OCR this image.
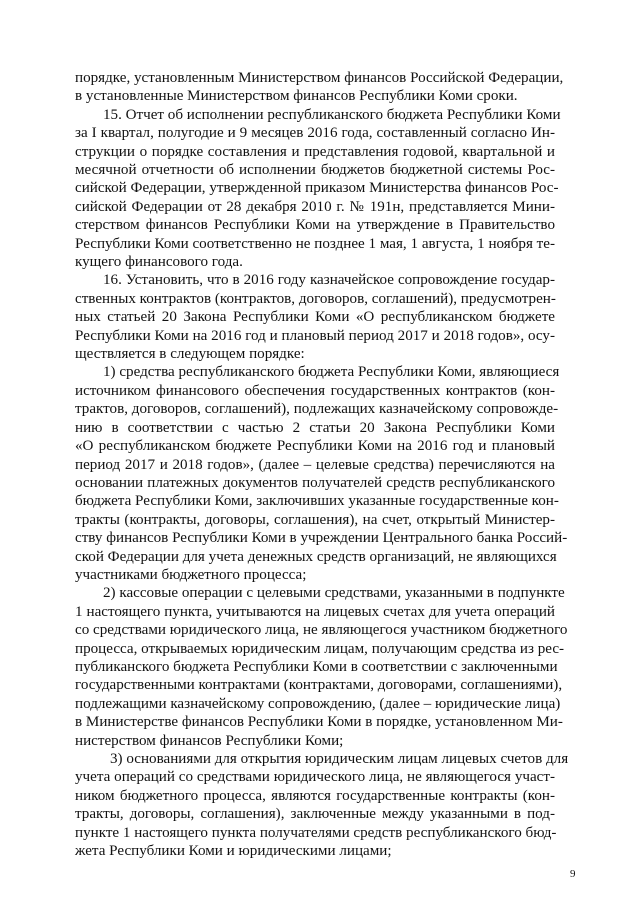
порядке, установленным Министерством финансов Российской Федерации,
в установленные Министерством финансов Республики Коми сроки.
15. Отчет об исполнении республиканского бюджета Республики Коми
за I квартал, полугодие и 9 месяцев 2016 года, составленный согласно Ин-
струкции о порядке составления и представления годовой, квартальной и
месячной отчетности об исполнении бюджетов бюджетной системы Рос-
сийской Федерации, утвержденной приказом Министерства финансов Рос-
сийской Федерации от 28 декабря 2010 г. № 191н, представляется Мини-
стерством финансов Республики Коми на утверждение в Правительство
Республики Коми соответственно не позднее 1 мая, 1 августа, 1 ноября те-
кущего финансового года.
16. Установить, что в 2016 году казначейское сопровождение государ-
ственных контрактов (контрактов, договоров, соглашений), предусмотрен-
ных статьей 20 Закона Республики Коми «О республиканском бюджете
Республики Коми на 2016 год и плановый период 2017 и 2018 годов», осу-
ществляется в следующем порядке:
1) средства республиканского бюджета Республики Коми, являющиеся
источником финансового обеспечения государственных контрактов (кон-
трактов, договоров, соглашений), подлежащих казначейскому сопровожде-
нию в соответствии с частью 2 статьи 20 Закона Республики Коми
«О республиканском бюджете Республики Коми на 2016 год и плановый
период 2017 и 2018 годов», (далее – целевые средства) перечисляются на
основании платежных документов получателей средств республиканского
бюджета Республики Коми, заключивших указанные государственные кон-
тракты (контракты, договоры, соглашения), на счет, открытый Министер-
ству финансов Республики Коми в учреждении Центрального банка Россий-
ской Федерации для учета денежных средств организаций, не являющихся
участниками бюджетного процесса;
2) кассовые операции с целевыми средствами, указанными в подпункте
1 настоящего пункта, учитываются на лицевых счетах для учета операций
со средствами юридического лица, не являющегося участником бюджетного
процесса, открываемых юридическим лицам, получающим средства из рес-
публиканского бюджета Республики Коми в соответствии с заключенными
государственными контрактами (контрактами, договорами, соглашениями),
подлежащими казначейскому сопровождению, (далее – юридические лица)
в Министерстве финансов Республики Коми в порядке, установленном Ми-
нистерством финансов Республики Коми;
3) основаниями для открытия юридическим лицам лицевых счетов для
учета операций со средствами юридического лица, не являющегося участ-
ником бюджетного процесса, являются государственные контракты (кон-
тракты, договоры, соглашения), заключенные между указанными в под-
пункте 1 настоящего пункта получателями средств республиканского бюд-
жета Республики Коми и юридическими лицами;
9
